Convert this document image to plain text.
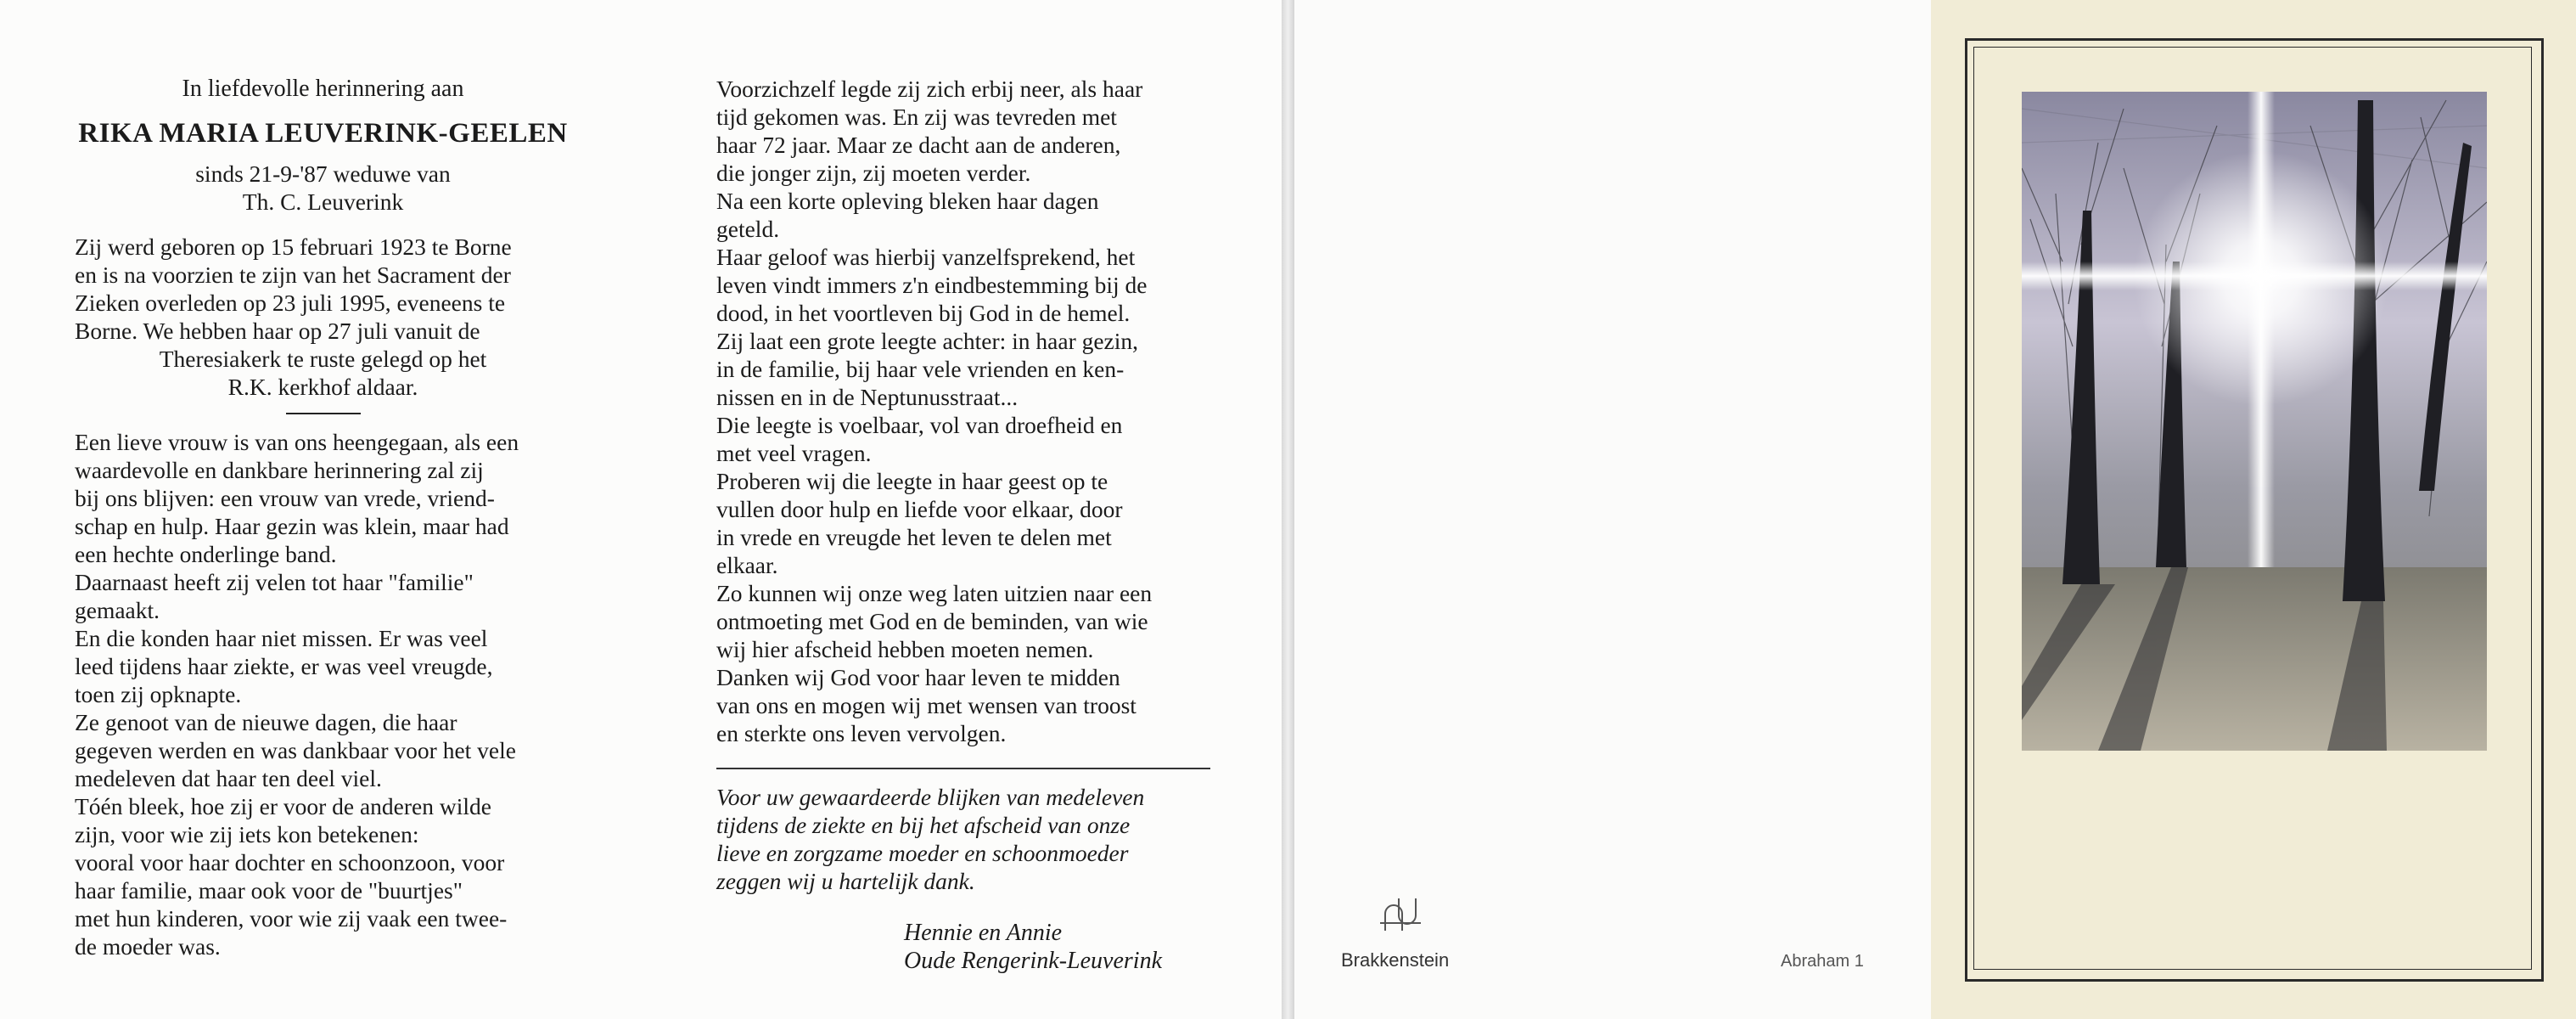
In liefdevolle herinnering aan

RIKA MARIA LEUVERINK-GEELEN

sinds 21-9-'87 weduwe van

Th. C. Leuverink

Zij werd geboren op 15 februari 1923 te Borne

en is na voorzien te zijn van het Sacrament der

Zieken overleden op 23 juli 1995, eveneens te

Borne. We hebben haar op 27 juli vanuit de

Theresiakerk te ruste gelegd op het

R.K. kerkhof aldaar.

Een lieve vrouw is van ons heengegaan, als een

waardevolle en dankbare herinnering zal zij

bij ons blijven: een vrouw van vrede, vriend-

schap en hulp. Haar gezin was klein, maar had

een hechte onderlinge band.

Daarnaast heeft zij velen tot haar "familie"

gemaakt.

En die konden haar niet missen. Er was veel

leed tijdens haar ziekte, er was veel vreugde,

toen zij opknapte.

Ze genoot van de nieuwe dagen, die haar

gegeven werden en was dankbaar voor het vele

medeleven dat haar ten deel viel.

Tóén bleek, hoe zij er voor de anderen wilde

zijn, voor wie zij iets kon betekenen:

vooral voor haar dochter en schoonzoon, voor

haar familie, maar ook voor de "buurtjes"

met hun kinderen, voor wie zij vaak een twee-

de moeder was.

Voorzichzelf legde zij zich erbij neer, als haar

tijd gekomen was. En zij was tevreden met

haar 72 jaar. Maar ze dacht aan de anderen,

die jonger zijn, zij moeten verder.

Na een korte opleving bleken haar dagen

geteld.

Haar geloof was hierbij vanzelfsprekend, het

leven vindt immers z'n eindbestemming bij de

dood, in het voortleven bij God in de hemel.

Zij laat een grote leegte achter: in haar gezin,

in de familie, bij haar vele vrienden en ken-

nissen en in de Neptunusstraat...

Die leegte is voelbaar, vol van droefheid en

met veel vragen.

Proberen wij die leegte in haar geest op te

vullen door hulp en liefde voor elkaar, door

in vrede en vreugde het leven te delen met

elkaar.

Zo kunnen wij onze weg laten uitzien naar een

ontmoeting met God en de beminden, van wie

wij hier afscheid hebben moeten nemen.

Danken wij God voor haar leven te midden

van ons en mogen wij met wensen van troost

en sterkte ons leven vervolgen.

Voor uw gewaardeerde blijken van medeleven

tijdens de ziekte en bij het afscheid van onze

lieve en zorgzame moeder en schoonmoeder

zeggen wij u hartelijk dank.

Hennie en Annie
Oude Rengerink-Leuverink	Brakkenstein	Abraham 1
